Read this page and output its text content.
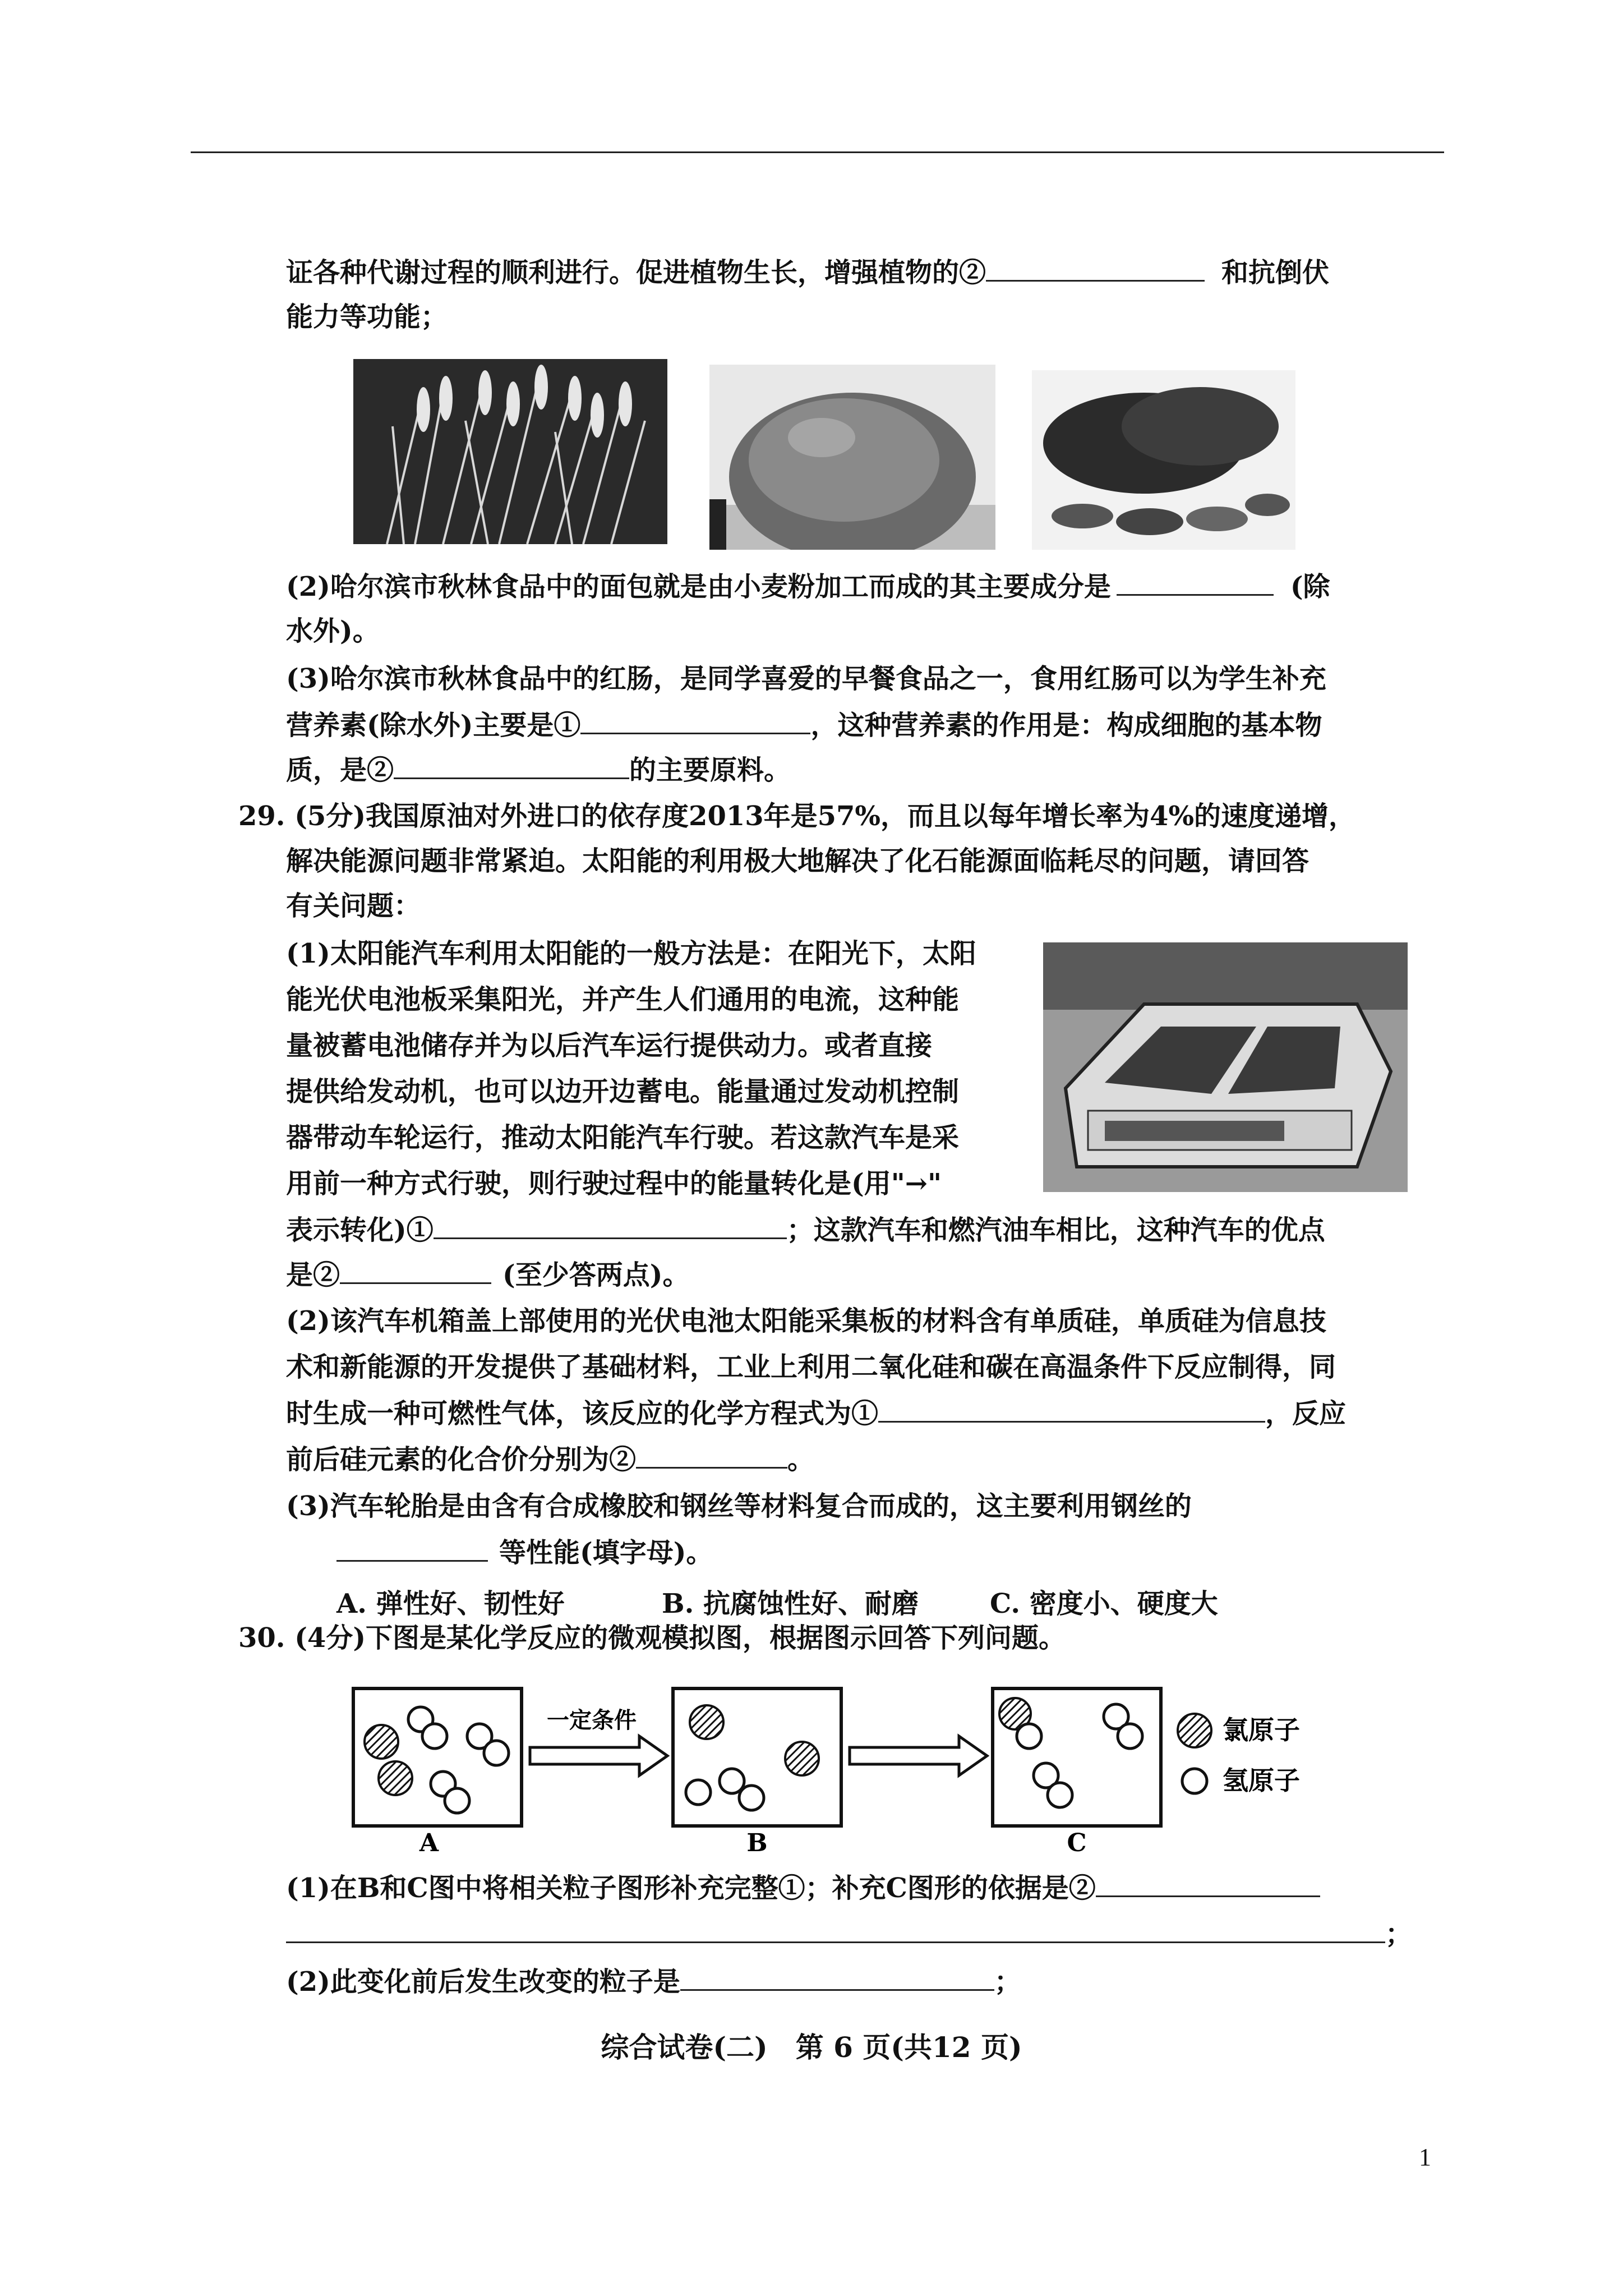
证各种代谢过程的顺利进行。促进植物生长，增强植物的②	和抗倒伏
能力等功能；
(2)哈尔滨市秋林食品中的面包就是由小麦粉加工而成的其主要成分是	(除
水外)。
(3)哈尔滨市秋林食品中的红肠，是同学喜爱的早餐食品之一，食用红肠可以为学生补充
营养素(除水外)主要是①	，这种营养素的作用是：构成细胞的基本物
质，是②	的主要原料。
29. (5分)我国原油对外进口的依存度2013年是57%，而且以每年增长率为4%的速度递增，
解决能源问题非常紧迫。太阳能的利用极大地解决了化石能源面临耗尽的问题，请回答
有关问题：
(1)太阳能汽车利用太阳能的一般方法是：在阳光下，太阳
能光伏电池板采集阳光，并产生人们通用的电流，这种能
量被蓄电池储存并为以后汽车运行提供动力。或者直接
提供给发动机，也可以边开边蓄电。能量通过发动机控制
器带动车轮运行，推动太阳能汽车行驶。若这款汽车是采
用前一种方式行驶，则行驶过程中的能量转化是(用"→"
表示转化)①	；这款汽车和燃汽油车相比，这种汽车的优点
是②	(至少答两点)。
(2)该汽车机箱盖上部使用的光伏电池太阳能采集板的材料含有单质硅，单质硅为信息技
术和新能源的开发提供了基础材料，工业上利用二氧化硅和碳在高温条件下反应制得，同
时生成一种可燃性气体，该反应的化学方程式为①	，反应
前后硅元素的化合价分别为②	。
(3)汽车轮胎是由含有合成橡胶和钢丝等材料复合而成的，这主要利用钢丝的
等性能(填字母)。
A. 弹性好、韧性好	B. 抗腐蚀性好、耐磨	C. 密度小、硬度大
30. (4分)下图是某化学反应的微观模拟图，根据图示回答下列问题。
A
一定条件
B	C
氯原子
氢原子
(1)在B和C图中将相关粒子图形补充完整①；补充C图形的依据是②
；
(2)此变化前后发生改变的粒子是	；
综合试卷(二)　第 6 页(共12 页)
1
